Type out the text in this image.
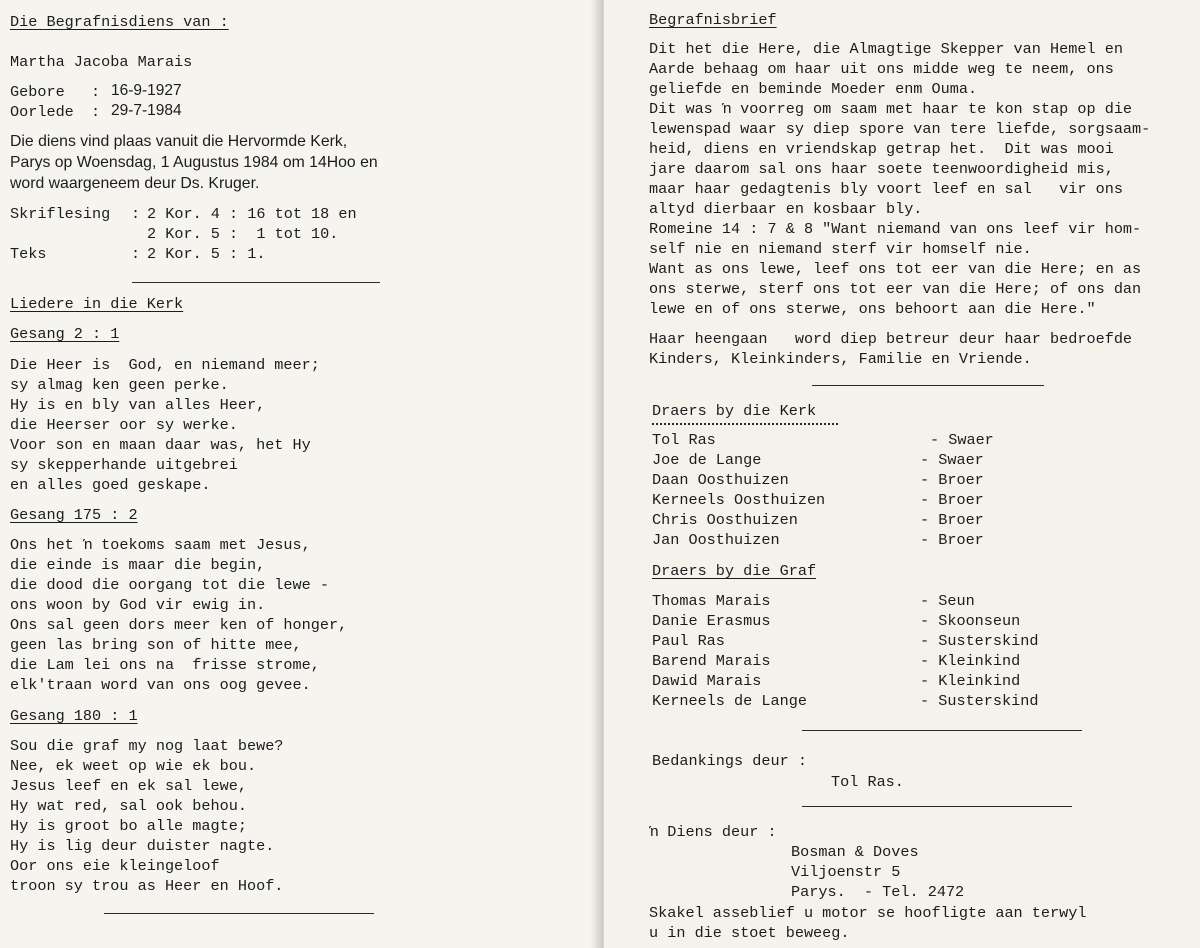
Die Begrafnisdiens van :
Martha Jacoba Marais
Gebore : 16-9-1927
Oorlede : 29-7-1984
Die diens vind plaas vanuit die Hervormde Kerk,
Parys op Woensdag, 1 Augustus 1984 om 14Hoo en
word waargeneem deur Ds. Kruger.
Skriflesing : 2 Kor. 4 : 16 tot 18 en
2 Kor. 5 :  1 tot 10.
Teks	: 2 Kor. 5 : 1.
Liedere in die Kerk
Gesang 2 : 1
Die Heer is  God, en niemand meer;
sy almag ken geen perke.
Hy is en bly van alles Heer,
die Heerser oor sy werke.
Voor son en maan daar was, het Hy
sy skepperhande uitgebrei
en alles goed geskape.
Gesang 175 : 2
Ons het ŉ toekoms saam met Jesus,
die einde is maar die begin,
die dood die oorgang tot die lewe -
ons woon by God vir ewig in.
Ons sal geen dors meer ken of honger,
geen las bring son of hitte mee,
die Lam lei ons na  frisse strome,
elk'traan word van ons oog gevee.
Gesang 180 : 1
Sou die graf my nog laat bewe?
Nee, ek weet op wie ek bou.
Jesus leef en ek sal lewe,
Hy wat red, sal ook behou.
Hy is groot bo alle magte;
Hy is lig deur duister nagte.
Oor ons eie kleingeloof
troon sy trou as Heer en Hoof.
Begrafnisbrief
Dit het die Here, die Almagtige Skepper van Hemel en
Aarde behaag om haar uit ons midde weg te neem, ons
geliefde en beminde Moeder enm Ouma.
Dit was ŉ voorreg om saam met haar te kon stap op die
lewenspad waar sy diep spore van tere liefde, sorgsaam-
heid, diens en vriendskap getrap het.  Dit was mooi
jare daarom sal ons haar soete teenwoordigheid mis,
maar haar gedagtenis bly voort leef en sal   vir ons
altyd dierbaar en kosbaar bly.
Romeine 14 : 7 & 8 "Want niemand van ons leef vir hom-
self nie en niemand sterf vir homself nie.
Want as ons lewe, leef ons tot eer van die Here; en as
ons sterwe, sterf ons tot eer van die Here; of ons dan
lewe en of ons sterwe, ons behoort aan die Here."
Haar heengaan   word diep betreur deur haar bedroefde
Kinders, Kleinkinders, Familie en Vriende.
Draers by die Kerk
Tol Ras	- Swaer
Joe de Lange	- Swaer
Daan Oosthuizen	- Broer
Kerneels Oosthuizen	- Broer
Chris Oosthuizen	- Broer
Jan Oosthuizen	- Broer
Draers by die Graf
Thomas Marais	- Seun
Danie Erasmus	- Skoonseun
Paul Ras	- Susterskind
Barend Marais	- Kleinkind
Dawid Marais	- Kleinkind
Kerneels de Lange	- Susterskind
Bedankings deur :
Tol Ras.
ŉ Diens deur :
Bosman & Doves
Viljoenstr 5
Parys.  - Tel. 2472
Skakel asseblief u motor se hoofligte aan terwyl
u in die stoet beweeg.
